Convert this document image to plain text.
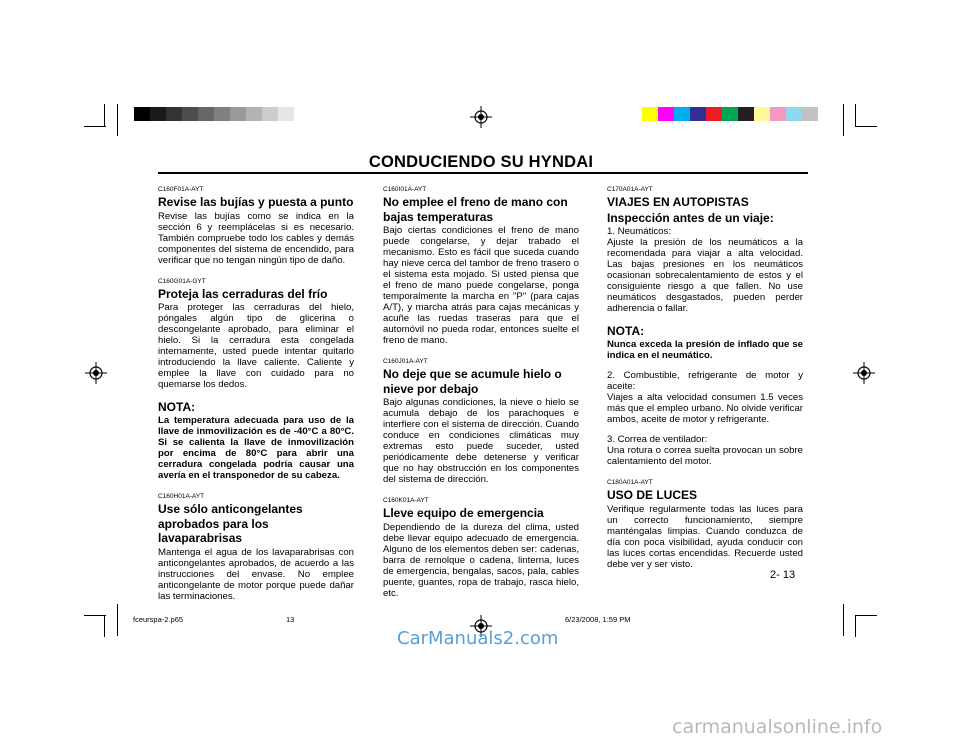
CONDUCIENDO SU HYNDAI

C160F01A-AYT

Revise las bujías y puesta a punto

Revise las bujías como se indica en la sección 6 y reemplácelas si es necesario. También compruebe todo los cables y demás componentes del sistema de encendido, para verificar que no tengan ningún tipo de daño.

C160G01A-GYT

Proteja las cerraduras del frío

Para proteger las cerraduras del hielo, póngales algún tipo de glicerina o descongelante aprobado, para eliminar el hielo. Si la cerradura esta congelada internamente, usted puede intentar quitarlo introduciendo la llave caliente. Caliente y emplee la llave con cuidado para no quemarse los dedos.

NOTA:

La temperatura adecuada para uso de la llave de inmovilización es de -40°C a 80°C. Si se calienta la llave de inmovilización por encima de 80°C para abrir una cerradura congelada podría causar una avería en el transponedor de su cabeza.

C160H01A-AYT

Use sólo anticongelantes aprobados para los lavaparabrisas

Mantenga el agua de los lavaparabrisas con anticongelantes aprobados, de acuerdo a las instrucciones del envase. No emplee anticongelante de motor porque puede dañar las terminaciones.

C160I01A-AYT

No emplee el freno de mano con bajas temperaturas

Bajo ciertas condiciones el freno de mano puede congelarse, y dejar trabado el mecanismo. Esto es fácil que suceda cuando hay nieve cerca del tambor de freno trasero o el sistema esta mojado. Si usted piensa que el freno de mano puede congelarse, ponga temporalmente la marcha en "P" (para cajas A/T), y marcha atrás para cajas mecánicas y acuñe las ruedas traseras para que el automóvil no pueda rodar, entonces suelte el freno de mano.

C160J01A-AYT

No deje que se acumule hielo o nieve por debajo

Bajo algunas condiciones, la nieve o hielo se acumula debajo de los parachoques e interfiere con el sistema de dirección. Cuando conduce en condiciones climáticas muy extremas esto puede suceder, usted periódicamente debe detenerse y verificar que no hay obstrucción en los componentes del sistema de dirección.

C160K01A-AYT

Lleve equipo de emergencia

Dependiendo de la dureza del clima, usted debe llevar equipo adecuado de emergencia. Alguno de los elementos deben ser: cadenas, barra de remolque o cadena, linterna, luces de emergencia, bengalas, sacos, pala, cables puente, guantes, ropa de trabajo, rasca hielo, etc.

C170A01A-AYT

VIAJES EN AUTOPISTAS
Inspección antes de un viaje:

1. Neumáticos:

Ajuste la presión de los neumáticos a la recomendada para viajar a alta velocidad. Las bajas presiones en los neumáticos ocasionan sobrecalentamiento de estos y el consiguiente riesgo a que fallen. No use neumáticos desgastados, pueden perder adherencia o fallar.

NOTA:

Nunca exceda la presión de inflado que se indica en el neumático.

2. Combustible, refrigerante de motor y aceite:

Viajes a alta velocidad consumen 1.5 veces más que el empleo urbano. No olvide verificar ambos, aceite de motor y refrigerante.

3. Correa de ventilador:

Una rotura o correa suelta provocan un sobre calentamiento del motor.

C180A01A-AYT

USO DE LUCES

Verifique regularmente todas las luces para un correcto funcionamiento, siempre manténgalas limpias. Cuando conduzca de día con poca visibilidad, ayuda conducir con las luces cortas encendidas. Recuerde usted debe ver y ser visto.

2- 13
fceurspa-2.p65	13	6/23/2008, 1:59 PM
CarManuals2.com
carmanualsonline.info
